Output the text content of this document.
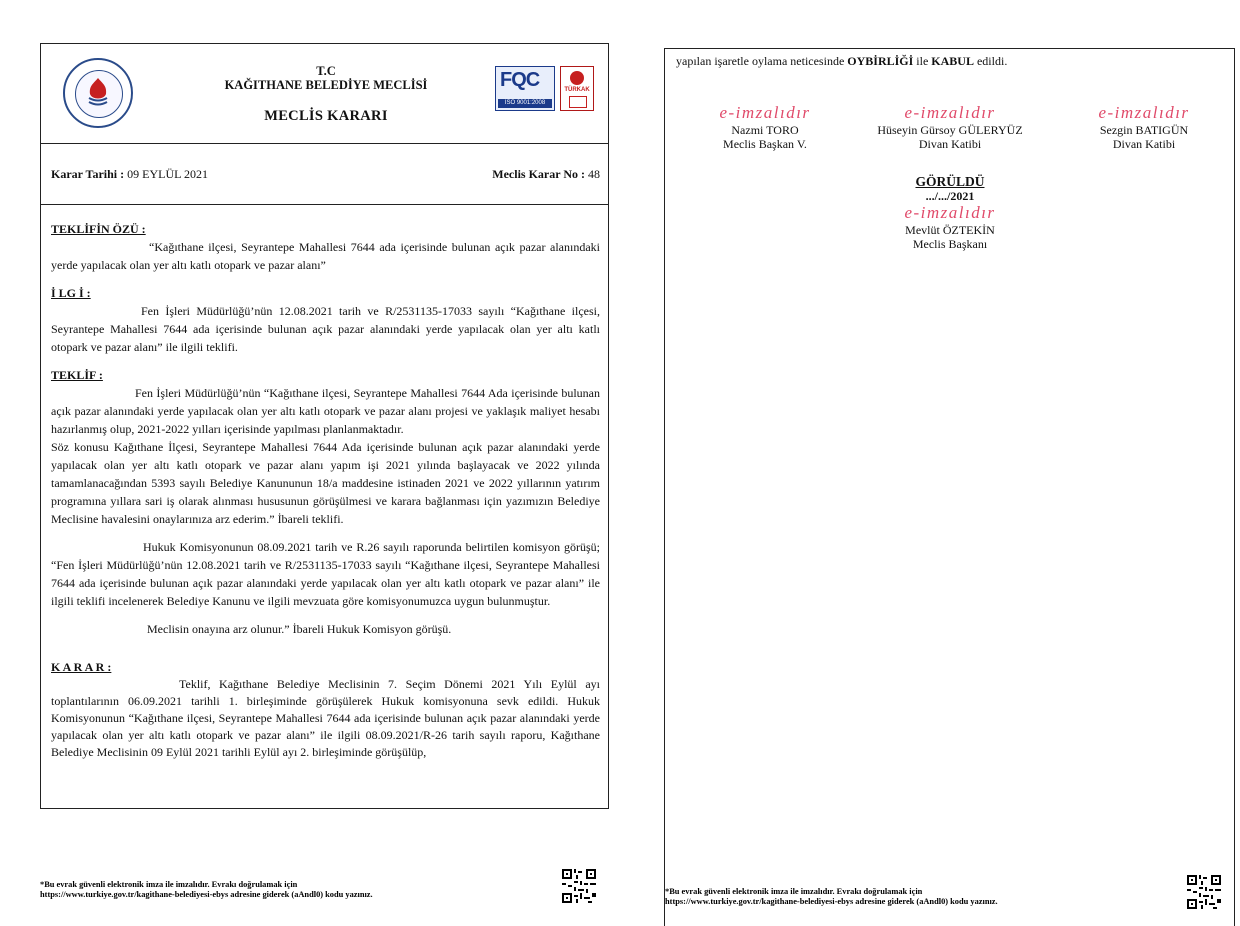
T.C
KAĞITHANE BELEDİYE MECLİSİ
MECLİS KARARI
FQC
ISO 9001:2008
TÜRKAK
Karar Tarihi : 09 EYLÜL 2021	Meclis Karar No : 48
TEKLİFİN ÖZÜ :

“Kağıthane ilçesi, Seyrantepe Mahallesi 7644 ada içerisinde bulunan açık pazar alanındaki yerde yapılacak olan yer altı katlı otopark ve pazar alanı”

İ LG İ :

Fen İşleri Müdürlüğü’nün 12.08.2021 tarih ve R/2531135-17033 sayılı “Kağıthane ilçesi, Seyrantepe Mahallesi 7644 ada içerisinde bulunan açık pazar alanındaki yerde yapılacak olan yer altı katlı otopark ve pazar alanı” ile ilgili teklifi.

TEKLİF :

Fen İşleri Müdürlüğü’nün “Kağıthane ilçesi, Seyrantepe Mahallesi 7644 Ada içerisinde bulunan açık pazar alanındaki yerde yapılacak olan yer altı katlı otopark ve pazar alanı projesi ve yaklaşık maliyet hesabı hazırlanmış olup, 2021-2022 yılları içerisinde yapılması planlanmaktadır.

Söz konusu Kağıthane İlçesi, Seyrantepe Mahallesi 7644 Ada içerisinde bulunan açık pazar alanındaki yerde yapılacak olan yer altı katlı otopark ve pazar alanı yapım işi 2021 yılında başlayacak ve 2022 yılında tamamlanacağından 5393 sayılı Belediye Kanununun 18/a maddesine istinaden 2021 ve 2022 yıllarının yatırım programına yıllara sari iş olarak alınması hususunun görüşülmesi ve karara bağlanması için yazımızın Belediye Meclisine havalesini onaylarınıza arz ederim.” İbareli teklifi.

Hukuk Komisyonunun 08.09.2021 tarih ve R.26 sayılı raporunda belirtilen komisyon görüşü; “Fen İşleri Müdürlüğü’nün 12.08.2021 tarih ve R/2531135-17033 sayılı “Kağıthane ilçesi, Seyrantepe Mahallesi 7644 ada içerisinde bulunan açık pazar alanındaki yerde yapılacak olan yer altı katlı otopark ve pazar alanı” ile ilgili teklifi incelenerek Belediye Kanunu ve ilgili mevzuata göre komisyonumuzca uygun bulunmuştur.

Meclisin onayına arz olunur.” İbareli Hukuk Komisyon görüşü.

K A R A R :

Teklif, Kağıthane Belediye Meclisinin 7. Seçim Dönemi 2021 Yılı Eylül ayı toplantılarının 06.09.2021 tarihli 1. birleşiminde görüşülerek Hukuk komisyonuna sevk edildi. Hukuk Komisyonunun “Kağıthane ilçesi, Seyrantepe Mahallesi 7644 ada içerisinde bulunan açık pazar alanındaki yerde yapılacak olan yer altı katlı otopark ve pazar alanı” ile ilgili 08.09.2021/R-26 tarih sayılı raporu, Kağıthane Belediye Meclisinin 09 Eylül 2021 tarihli Eylül ayı 2. birleşiminde görüşülüp,

*Bu evrak güvenli elektronik imza ile imzalıdır. Evrakı doğrulamak için
https://www.turkiye.gov.tr/kagithane-belediyesi-ebys adresine giderek (aAndl0) kodu yazınız.
yapılan işaretle oylama neticesinde OYBİRLİĞİ ile KABUL edildi.
e-imzalıdır
Nazmi TORO
Meclis Başkan V.
e-imzalıdır
Hüseyin Gürsoy GÜLERYÜZ
Divan Katibi
e-imzalıdır
Sezgin BATIGÜN
Divan Katibi
GÖRÜLDÜ
.../.../2021
e-imzalıdır
Mevlüt ÖZTEKİN
Meclis Başkanı
*Bu evrak güvenli elektronik imza ile imzalıdır. Evrakı doğrulamak için
https://www.turkiye.gov.tr/kagithane-belediyesi-ebys adresine giderek (aAndl0) kodu yazınız.
